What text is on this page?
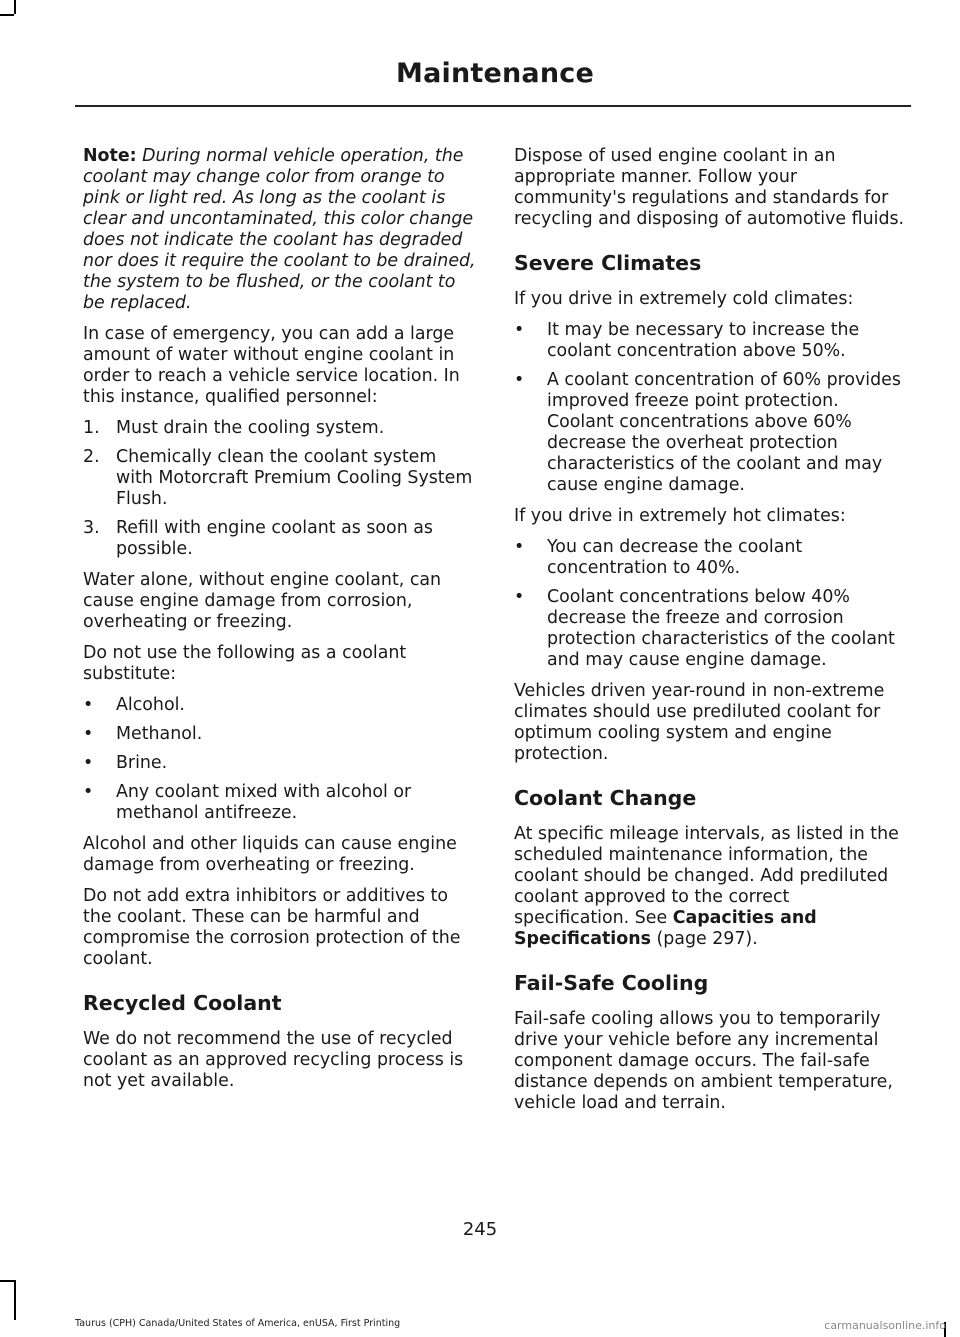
Maintenance

Note: During normal vehicle operation, the coolant may change color from orange to pink or light red. As long as the coolant is clear and uncontaminated, this color change does not indicate the coolant has degraded nor does it require the coolant to be drained, the system to be flushed, or the coolant to be replaced.

In case of emergency, you can add a large amount of water without engine coolant in order to reach a vehicle service location. In this instance, qualified personnel:

1. Must drain the cooling system.
2. Chemically clean the coolant system with Motorcraft Premium Cooling System Flush.
3. Refill with engine coolant as soon as possible.

Water alone, without engine coolant, can cause engine damage from corrosion, overheating or freezing.

Do not use the following as a coolant substitute:

• Alcohol.
• Methanol.
• Brine.
• Any coolant mixed with alcohol or methanol antifreeze.

Alcohol and other liquids can cause engine damage from overheating or freezing.

Do not add extra inhibitors or additives to the coolant. These can be harmful and compromise the corrosion protection of the coolant.

Recycled Coolant

We do not recommend the use of recycled coolant as an approved recycling process is not yet available.

Dispose of used engine coolant in an appropriate manner. Follow your community's regulations and standards for recycling and disposing of automotive fluids.

Severe Climates

If you drive in extremely cold climates:

• It may be necessary to increase the coolant concentration above 50%.
• A coolant concentration of 60% provides improved freeze point protection. Coolant concentrations above 60% decrease the overheat protection characteristics of the coolant and may cause engine damage.

If you drive in extremely hot climates:

• You can decrease the coolant concentration to 40%.
• Coolant concentrations below 40% decrease the freeze and corrosion protection characteristics of the coolant and may cause engine damage.

Vehicles driven year-round in non-extreme climates should use prediluted coolant for optimum cooling system and engine protection.

Coolant Change

At specific mileage intervals, as listed in the scheduled maintenance information, the coolant should be changed. Add prediluted coolant approved to the correct specification. See Capacities and Specifications (page 297).

Fail-Safe Cooling

Fail-safe cooling allows you to temporarily drive your vehicle before any incremental component damage occurs. The fail-safe distance depends on ambient temperature, vehicle load and terrain.

245
Taurus (CPH) Canada/United States of America, enUSA, First Printing	carmanualsonline.info
